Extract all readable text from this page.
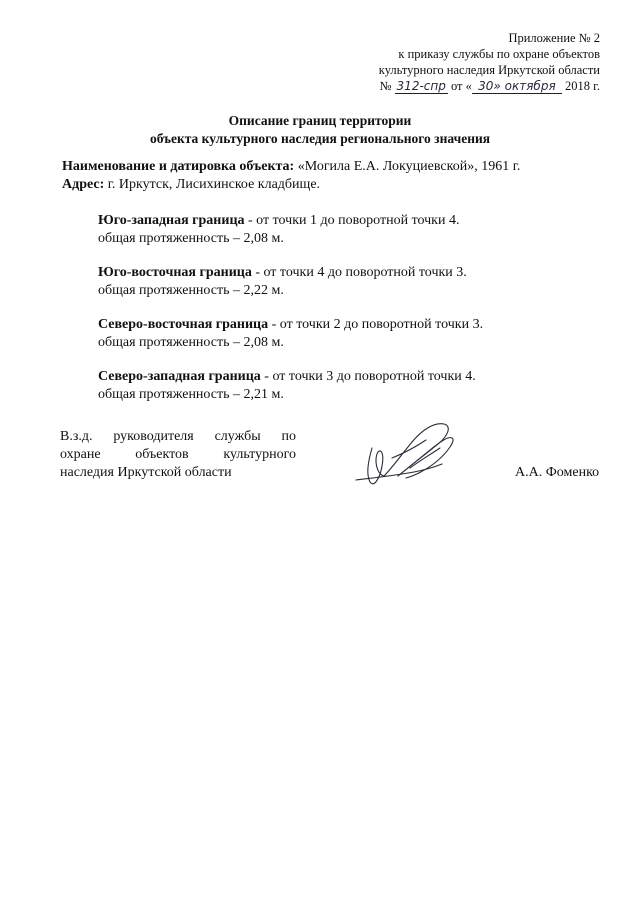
Приложение № 2
к приказу службы по охране объектов
культурного наследия Иркутской области
№ 312-спр от « 30» октября 2018 г.
Описание границ территории
объекта культурного наследия регионального значения
Наименование и датировка объекта: «Могила Е.А. Локуциевской», 1961 г.
Адрес: г. Иркутск, Лисихинское кладбище.
Юго-западная граница - от точки 1 до поворотной точки 4.
общая протяженность – 2,08 м.
Юго-восточная граница - от точки 4 до поворотной точки 3.
общая протяженность – 2,22 м.
Северо-восточная граница - от точки 2 до поворотной точки 3.
общая протяженность – 2,08 м.
Северо-западная граница - от точки 3 до поворотной точки 4.
общая протяженность – 2,21 м.
В.з.д. руководителя службы по
охране объектов культурного
наследия Иркутской области	А.А. Фоменко
